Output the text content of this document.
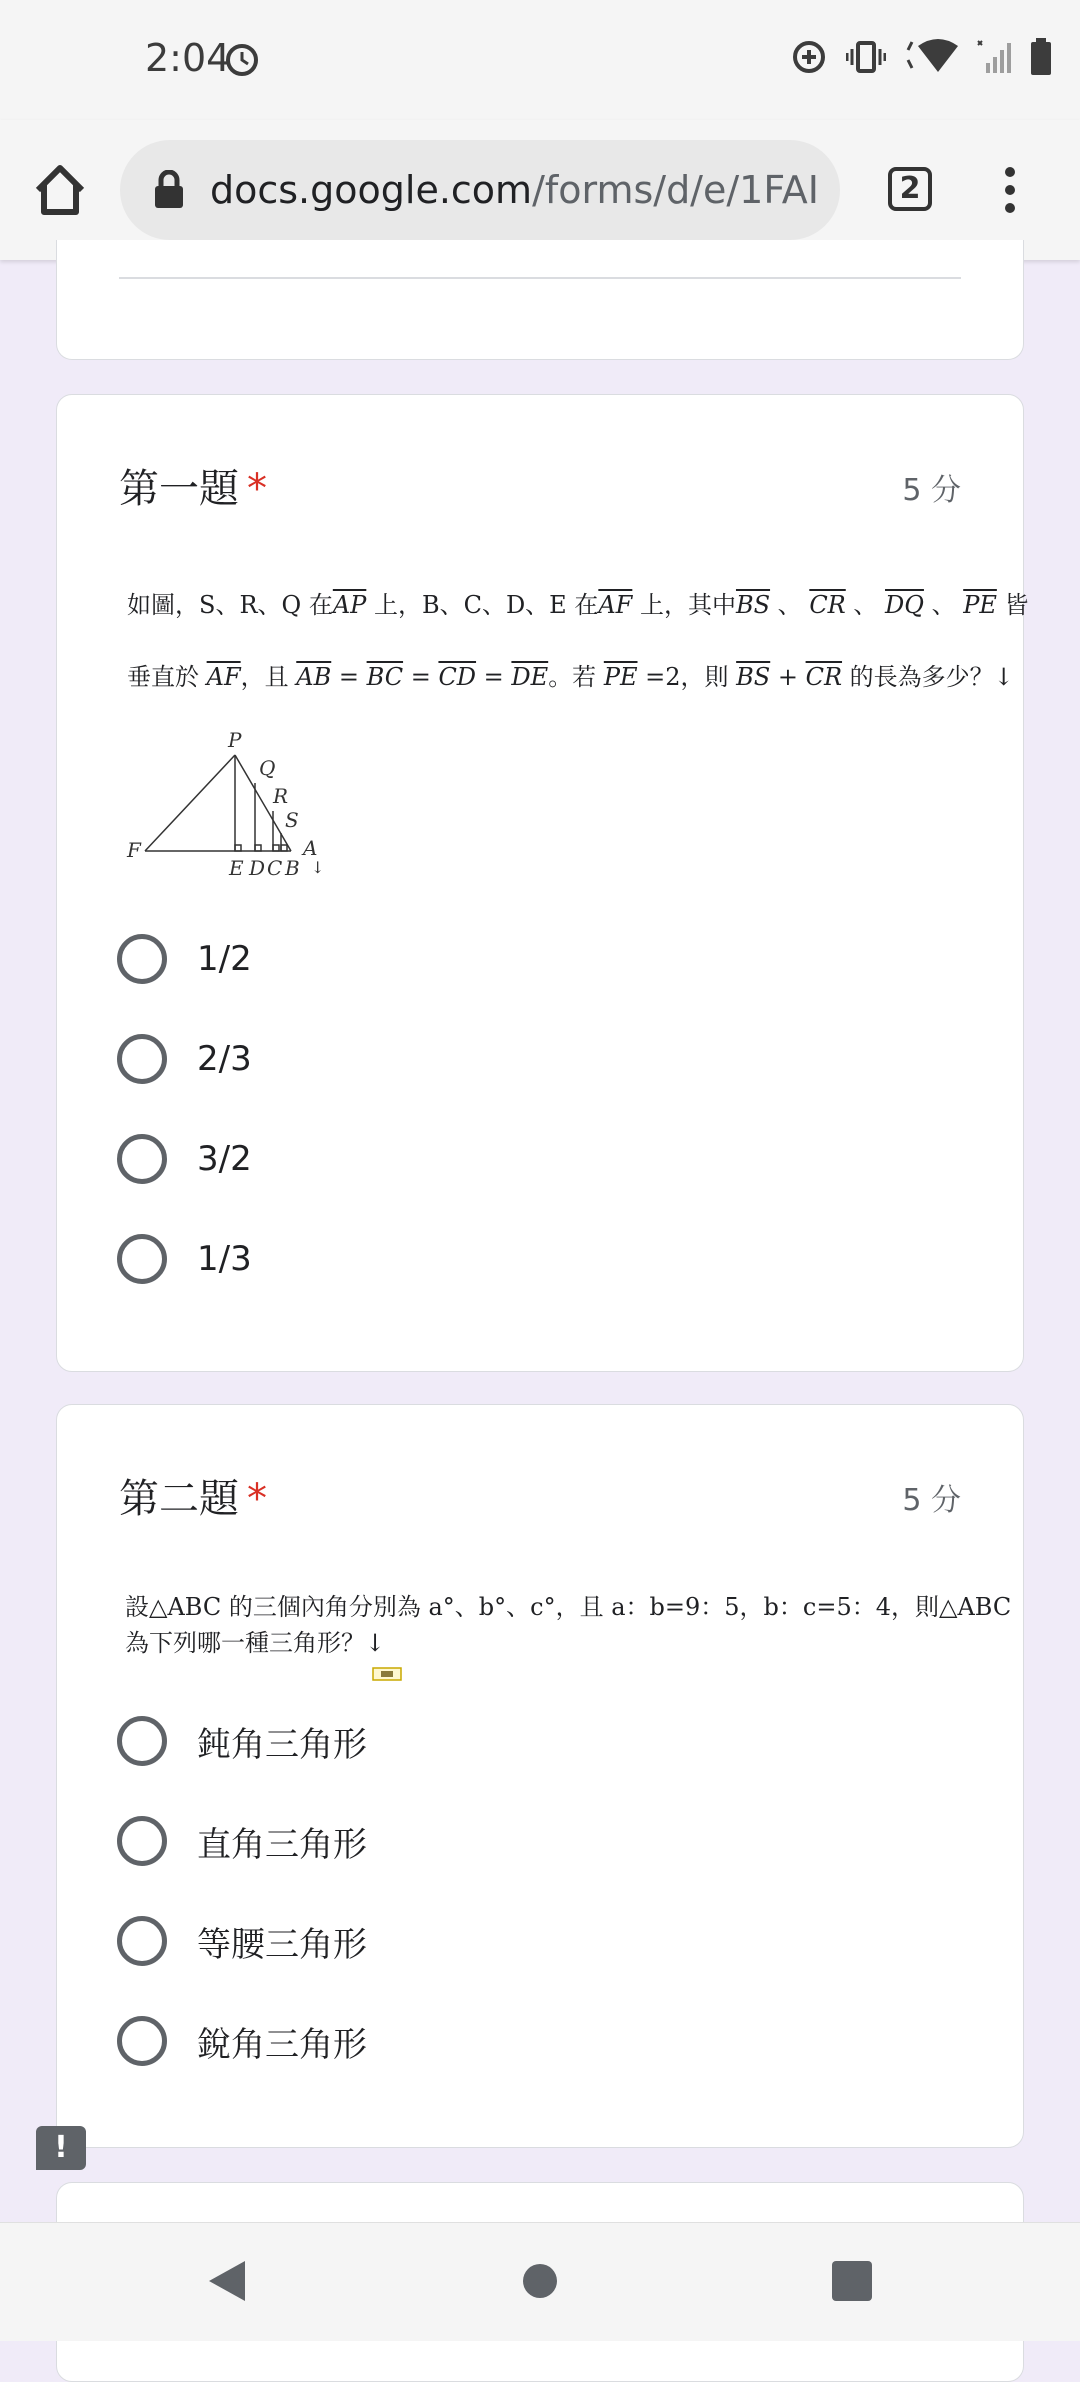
2:04
docs.google.com/forms/d/e/1FAI	2
第一題 *	5 分
如圖，S、R、Q 在$\overline{AP}$ 上，B、C、D、E 在$\overline{AF}$ 上，其中$\overline{BS}$ 、 $\overline{CR}$ 、 $\overline{DQ}$ 、 $\overline{PE}$ 皆
垂直於 $\overline{AF}$，且 $\overline{AB} = \overline{BC} = \overline{CD} = \overline{DE}$。若 $\overline{PE} =2$，則 $\overline{BS} + \overline{CR}$ 的長為多少？↓
P
Q
R
S
F
E D C B
A
↓
1/2
2/3
3/2
1/3
第二題 *	5 分
設△ABC 的三個內角分別為 a°、b°、c°，且 a：b=9：5，b：c=5：4，則△ABC
為下列哪一種三角形？↓
鈍角三角形
直角三角形
等腰三角形
銳角三角形
!
